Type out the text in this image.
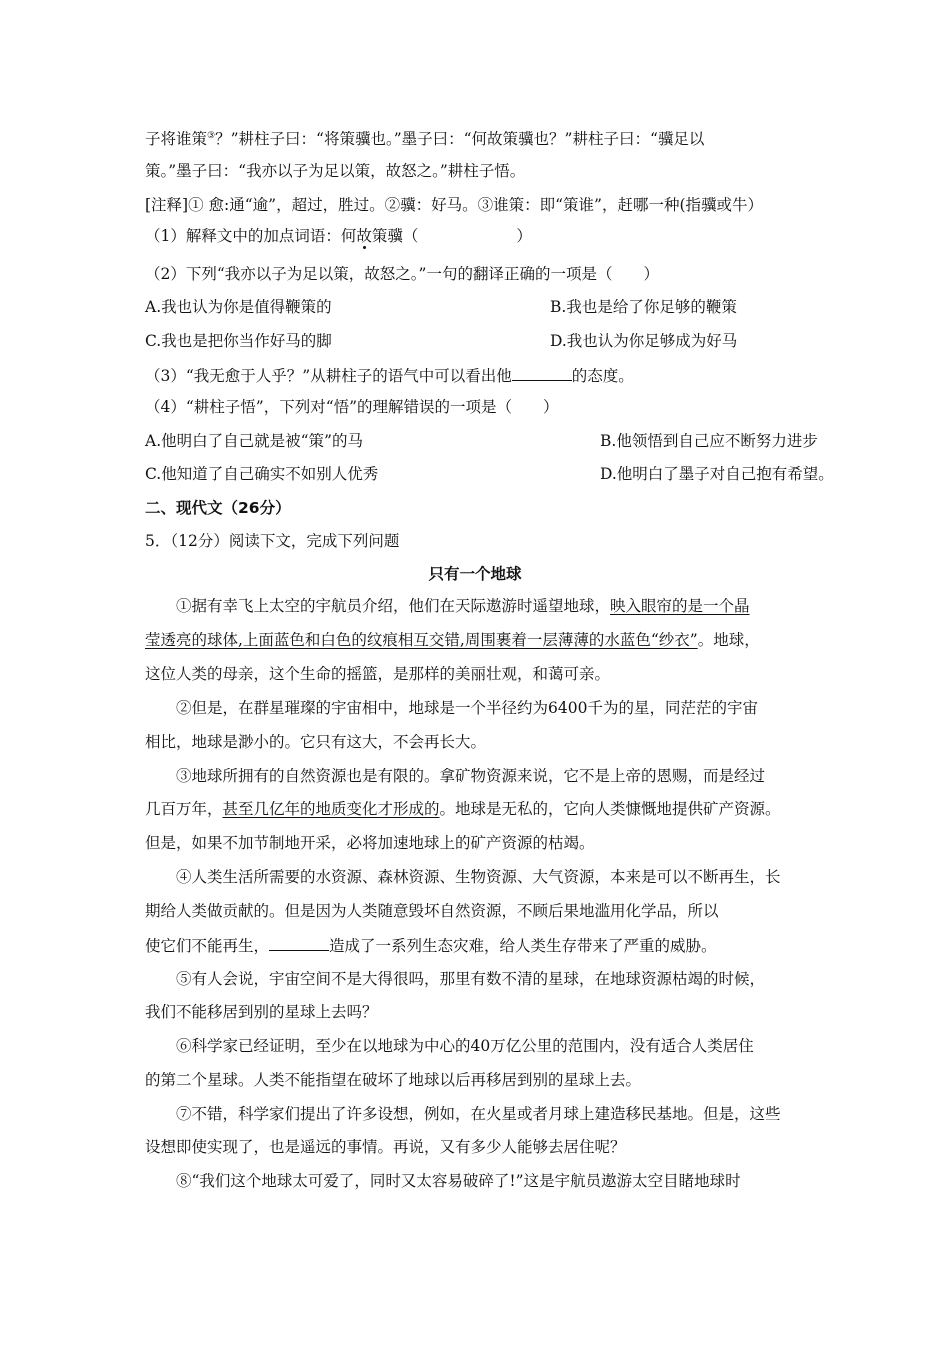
子将谁策③？”耕柱子曰：“将策骥也。”墨子曰：“何故策骥也？”耕柱子曰：“骥足以
策。”墨子曰：“我亦以子为足以策，故怒之。”耕柱子悟。
[注释]① 愈:通“逾”，超过，胜过。②骥：好马。③谁策：即“策谁”，赶哪一种(指骥或牛）
（1）解释文中的加点词语：何故策骥（	）
（2）下列“我亦以子为足以策，故怒之。”一句的翻译正确的一项是（　　）
A.我也认为你是值得鞭策的	B.我也是给了你足够的鞭策
C.我也是把你当作好马的脚	D.我也认为你足够成为好马
（3）“我无愈于人乎？”从耕柱子的语气中可以看出他	的态度。
（4）“耕柱子悟”，下列对“悟”的理解错误的一项是（　　）
A.他明白了自己就是被“策”的马	B.他领悟到自己应不断努力进步
C.他知道了自己确实不如别人优秀	D.他明白了墨子对自己抱有希望。
二、现代文（26分）
5．（12分）阅读下文，完成下列问题
只有一个地球
①据有幸飞上太空的宇航员介绍，他们在天际遨游时遥望地球，映入眼帘的是一个晶
莹透亮的球体,上面蓝色和白色的纹痕相互交错,周围裹着一层薄薄的水蓝色“纱衣”。地球，
这位人类的母亲，这个生命的摇篮，是那样的美丽壮观，和蔼可亲。
②但是，在群星璀璨的宇宙相中，地球是一个半径约为6400千为的星，同茫茫的宇宙
相比，地球是渺小的。它只有这大，不会再长大。
③地球所拥有的自然资源也是有限的。拿矿物资源来说，它不是上帝的恩赐，而是经过
几百万年，甚至几亿年的地质变化才形成的。地球是无私的，它向人类慷慨地提供矿产资源。
但是，如果不加节制地开采，必将加速地球上的矿产资源的枯竭。
④人类生活所需要的水资源、森林资源、生物资源、大气资源，本来是可以不断再生，长
期给人类做贡献的。但是因为人类随意毁坏自然资源，不顾后果地滥用化学品，所以
使它们不能再生，	造成了一系列生态灾难，给人类生存带来了严重的威胁。
⑤有人会说，宇宙空间不是大得很吗，那里有数不清的星球，在地球资源枯竭的时候，
我们不能移居到别的星球上去吗？
⑥科学家已经证明，至少在以地球为中心的40万亿公里的范围内，没有适合人类居住
的第二个星球。人类不能指望在破坏了地球以后再移居到别的星球上去。
⑦不错，科学家们提出了许多设想，例如，在火星或者月球上建造移民基地。但是，这些
设想即使实现了，也是遥远的事情。再说，又有多少人能够去居住呢？
⑧“我们这个地球太可爱了，同时又太容易破碎了!”这是宇航员遨游太空目睹地球时
